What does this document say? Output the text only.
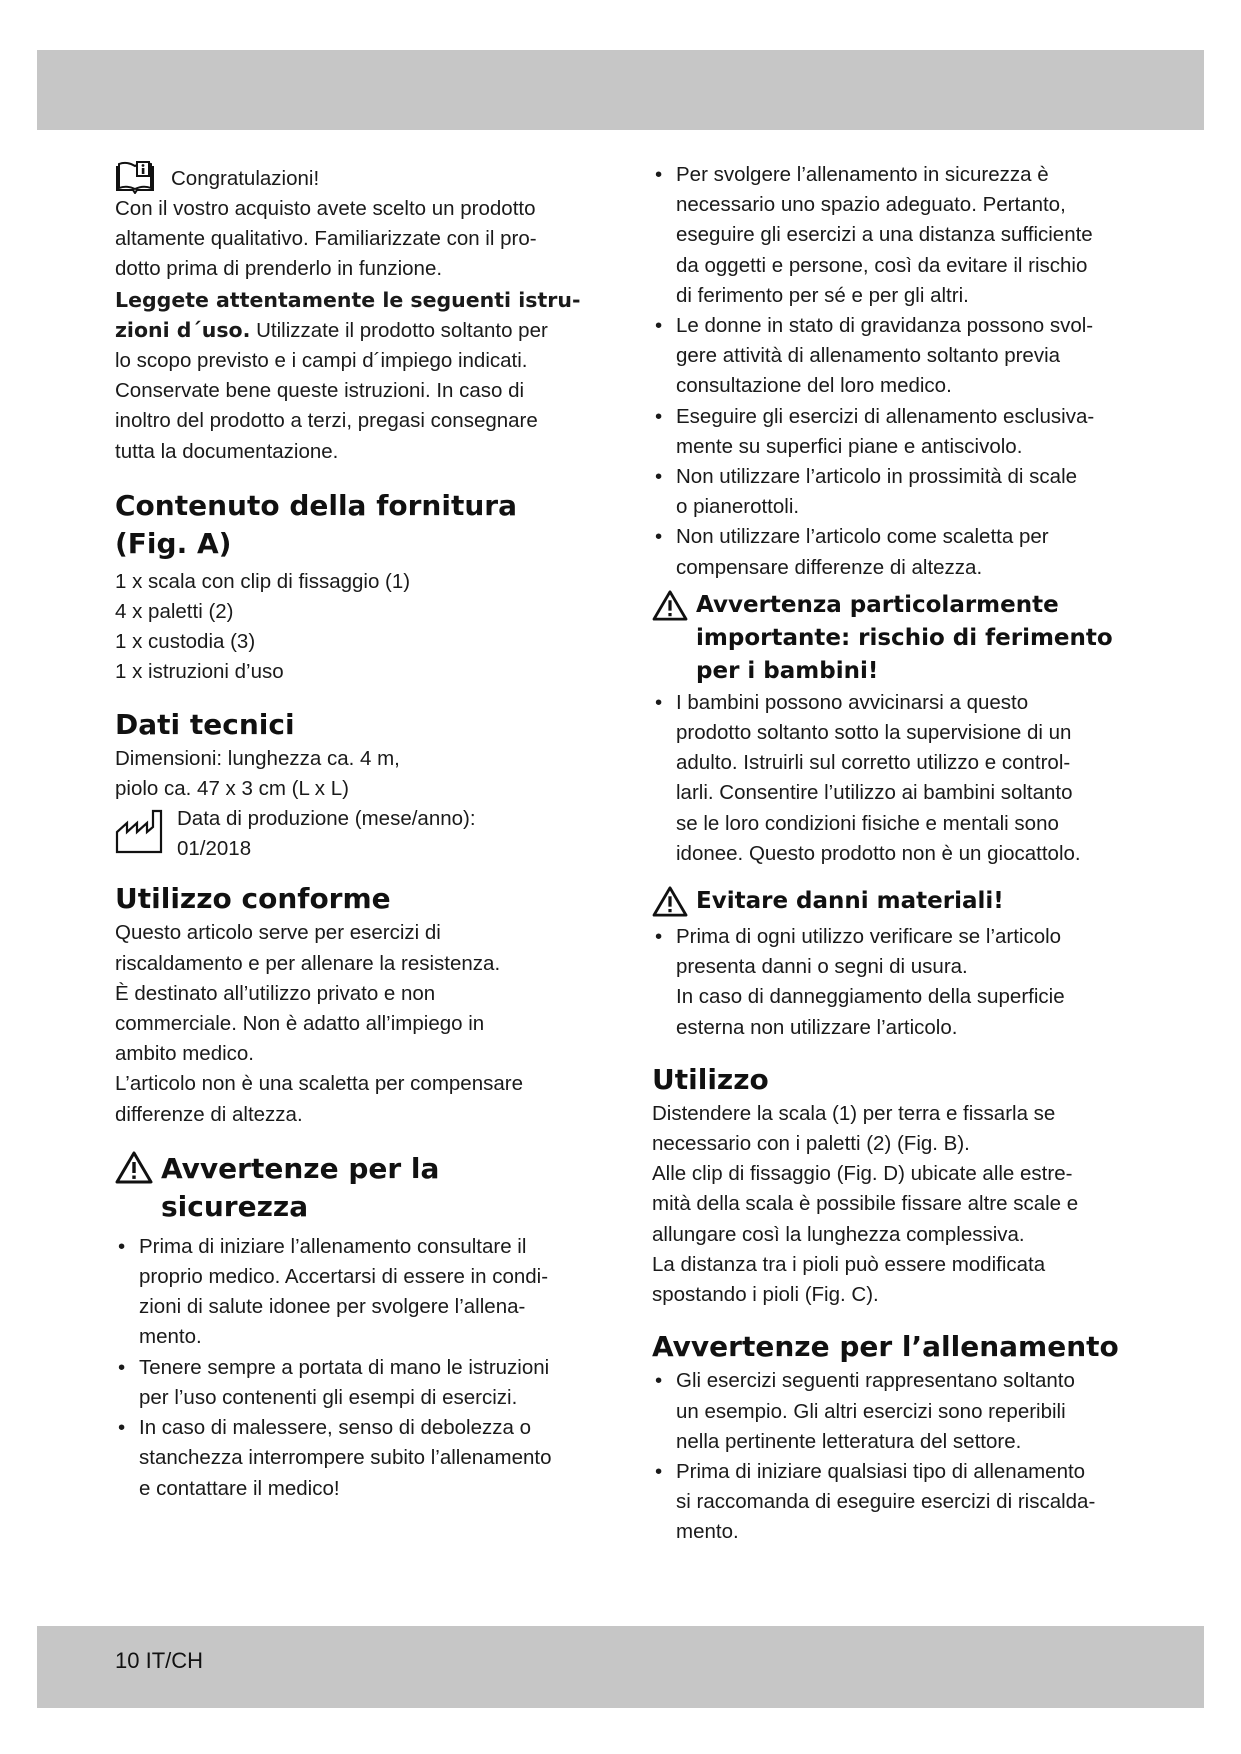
Congratulazioni!

Con il vostro acquisto avete scelto un prodotto

altamente qualitativo. Familiarizzate con il pro-

dotto prima di prenderlo in funzione.

Leggete attentamente le seguenti istru-

zioni d´uso. Utilizzate il prodotto soltanto per

lo scopo previsto e i campi d´impiego indicati.

Conservate bene queste istruzioni. In caso di

inoltro del prodotto a terzi, pregasi consegnare

tutta la documentazione.

Contenuto della fornitura

(Fig. A)

1 x scala con clip di fissaggio (1)

4 x paletti (2)

1 x custodia (3)

1 x istruzioni d’uso

Dati tecnici

Dimensioni: lunghezza ca. 4 m,

piolo ca. 47 x 3 cm (L x L)

Data di produzione (mese/anno):

01/2018

Utilizzo conforme

Questo articolo serve per esercizi di

riscaldamento e per allenare la resistenza.

È destinato all’utilizzo privato e non

commerciale. Non è adatto all’impiego in

ambito medico.

L’articolo non è una scaletta per compensare

differenze di altezza.

Avvertenze per la

sicurezza

• Prima di iniziare l’allenamento consultare il

proprio medico. Accertarsi di essere in condi-

zioni di salute idonee per svolgere l’allena-

mento.

• Tenere sempre a portata di mano le istruzioni

per l’uso contenenti gli esempi di esercizi.

• In caso di malessere, senso di debolezza o

stanchezza interrompere subito l’allenamento

e contattare il medico!

• Per svolgere l’allenamento in sicurezza è

necessario uno spazio adeguato. Pertanto,

eseguire gli esercizi a una distanza sufficiente

da oggetti e persone, così da evitare il rischio

di ferimento per sé e per gli altri.

• Le donne in stato di gravidanza possono svol-

gere attività di allenamento soltanto previa

consultazione del loro medico.

• Eseguire gli esercizi di allenamento esclusiva-

mente su superfici piane e antiscivolo.

• Non utilizzare l’articolo in prossimità di scale

o pianerottoli.

• Non utilizzare l’articolo come scaletta per

compensare differenze di altezza.

Avvertenza particolarmente

importante: rischio di ferimento

per i bambini!

• I bambini possono avvicinarsi a questo

prodotto soltanto sotto la supervisione di un

adulto. Istruirli sul corretto utilizzo e control-

larli. Consentire l’utilizzo ai bambini soltanto

se le loro condizioni fisiche e mentali sono

idonee. Questo prodotto non è un giocattolo.

Evitare danni materiali!

• Prima di ogni utilizzo verificare se l’articolo

presenta danni o segni di usura.

In caso di danneggiamento della superficie

esterna non utilizzare l’articolo.

Utilizzo

Distendere la scala (1) per terra e fissarla se

necessario con i paletti (2) (Fig. B).

Alle clip di fissaggio (Fig. D) ubicate alle estre-

mità della scala è possibile fissare altre scale e

allungare così la lunghezza complessiva.

La distanza tra i pioli può essere modificata

spostando i pioli (Fig. C).

Avvertenze per l’allenamento

• Gli esercizi seguenti rappresentano soltanto

un esempio. Gli altri esercizi sono reperibili

nella pertinente letteratura del settore.

• Prima di iniziare qualsiasi tipo di allenamento

si raccomanda di eseguire esercizi di riscalda-

mento.

10 IT/CH
